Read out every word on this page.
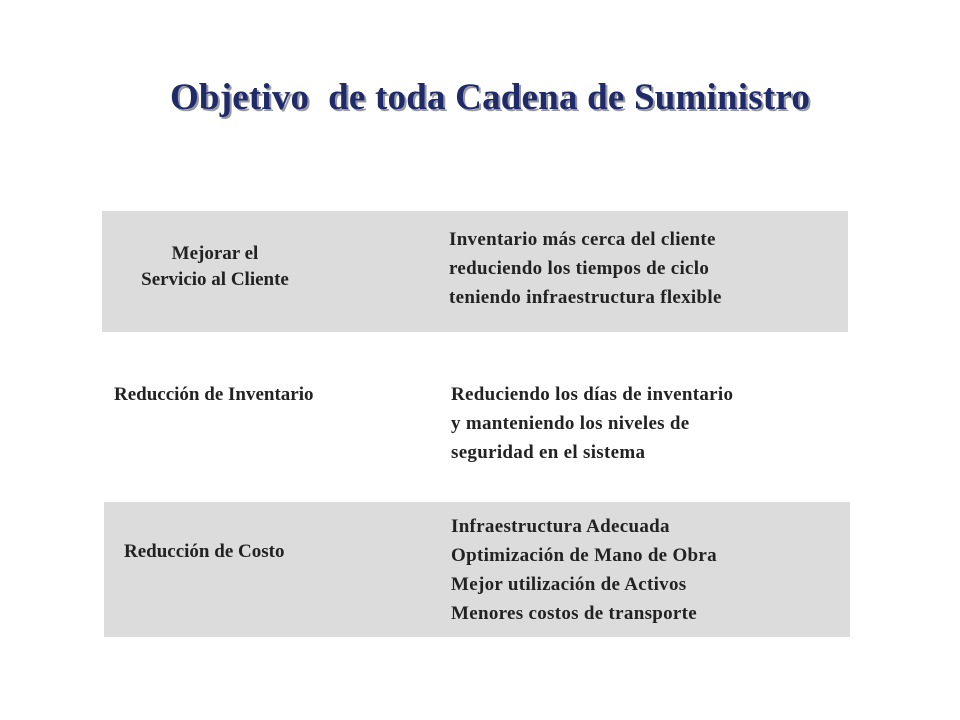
Objetivo  de toda Cadena de Suministro
Mejorar el
Servicio al Cliente
Inventario más cerca del cliente
reduciendo los tiempos de ciclo
teniendo infraestructura flexible
Reducción de Inventario	Reduciendo los días de inventario
y manteniendo los niveles de
seguridad en el sistema
Reducción de Costo
Infraestructura Adecuada
Optimización de Mano de Obra
Mejor utilización de Activos
Menores costos de transporte
